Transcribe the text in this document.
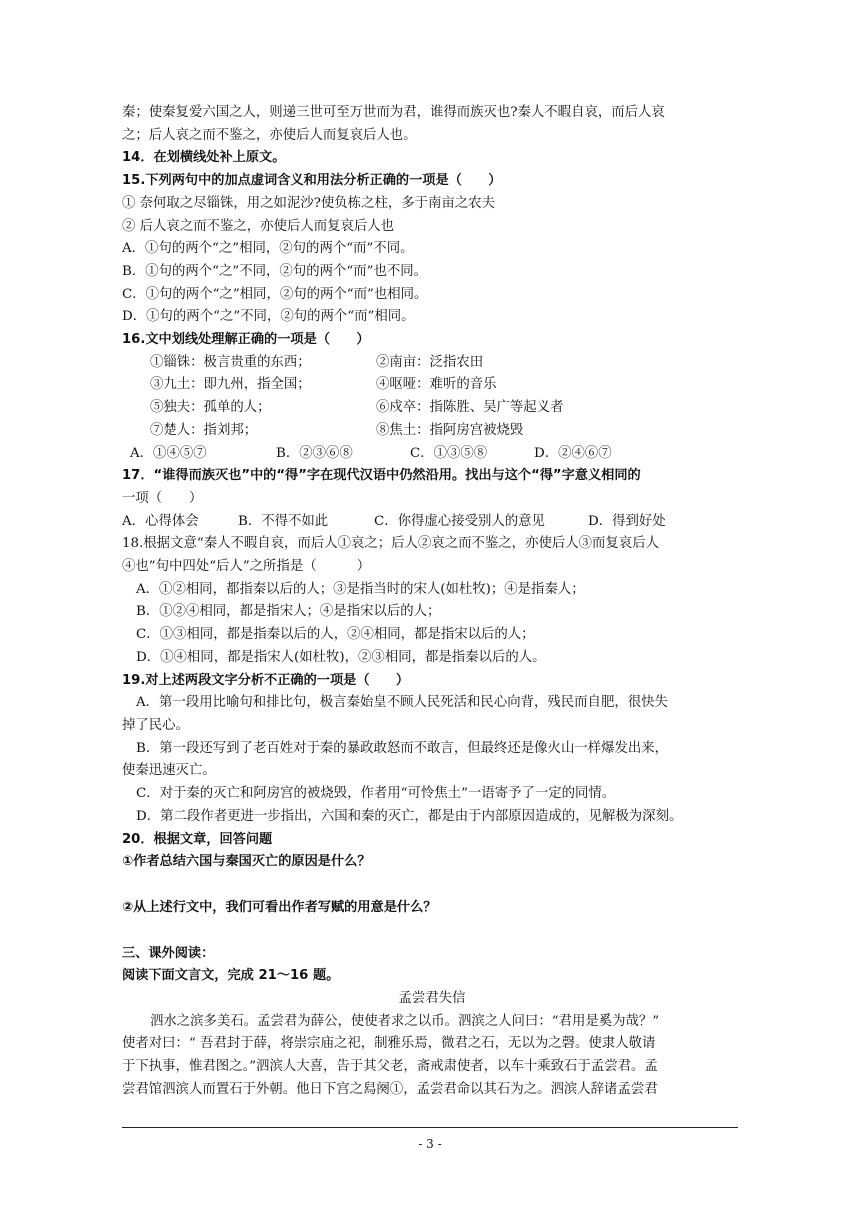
秦；使秦复爱六国之人，则递三世可至万世而为君，谁得而族灭也?秦人不暇自哀，而后人哀
之；后人哀之而不鉴之，亦使后人而复哀后人也。
14．在划横线处补上原文。
15.下列两句中的加点虚词含义和用法分析正确的一项是（　　）
① 奈何取之尽锱铢，用之如泥沙?使负栋之柱，多于南亩之农夫
② 后人哀之而不鉴之，亦使后人而复哀后人也
A．①句的两个“之”相同，②句的两个“而”不同。
B．①句的两个“之”不同，②句的两个“而”也不同。
C．①句的两个“之”相同，②句的两个“而”也相同。
D．①句的两个“之”不同，②句的两个“而”相同。
16.文中划线处理解正确的一项是（　　）
①锱铢：极言贵重的东西；	②南亩：泛指农田
③九土：即九州，指全国；	④呕哑：难听的音乐
⑤独夫：孤单的人；	⑥戍卒：指陈胜、吴广等起义者
⑦楚人：指刘邦；	⑧焦土：指阿房宫被烧毁
A．①④⑤⑦	B．②③⑥⑧	C．①③⑤⑧	D．②④⑥⑦
17．“谁得而族灭也”中的“得”字在现代汉语中仍然沿用。找出与这个“得”字意义相同的
一项（　　）
A．心得体会	B．不得不如此	C．你得虚心接受别人的意见	D．得到好处
18.根据文意“秦人不暇自哀，而后人①哀之；后人②哀之而不鉴之，亦使后人③而复哀后人
④也”句中四处“后人”之所指是（　　　）
A．①②相同，都指秦以后的人；③是指当时的宋人(如杜牧)；④是指秦人；
B．①②④相同，都是指宋人；④是指宋以后的人；
C．①③相同，都是指秦以后的人，②④相同，都是指宋以后的人；
D．①④相同，都是指宋人(如杜牧)，②③相同，都是指秦以后的人。
19.对上述两段文字分析不正确的一项是（　　）
A．第一段用比喻句和排比句，极言秦始皇不顾人民死活和民心向背，残民而自肥，很快失
掉了民心。
B．第一段还写到了老百姓对于秦的暴政敢怒而不敢言，但最终还是像火山一样爆发出来，
使秦迅速灭亡。
C．对于秦的灭亡和阿房宫的被烧毁，作者用“可怜焦土”一语寄予了一定的同情。
D．第二段作者更进一步指出，六国和秦的灭亡，都是由于内部原因造成的，见解极为深刻。
20．根据文章，回答问题
①作者总结六国与秦国灭亡的原因是什么？
②从上述行文中，我们可看出作者写赋的用意是什么？
三、课外阅读：
阅读下面文言文，完成 21～16 题。
孟尝君失信
泗水之滨多美石。孟尝君为薛公，使使者求之以币。泗滨之人问曰：“君用是奚为哉？”
使者对曰：“ 吾君封于薛，将崇宗庙之祀，制雅乐焉，微君之石，无以为之磬。使隶人敬请
于下执事，惟君图之。”泗滨人大喜，告于其父老，斋戒肃使者，以车十乘致石于孟尝君。孟
尝君馆泗滨人而置石于外朝。他日下宫之舄阕①，孟尝君命以其石为之。泗滨人辞诸孟尝君
- 3 -
